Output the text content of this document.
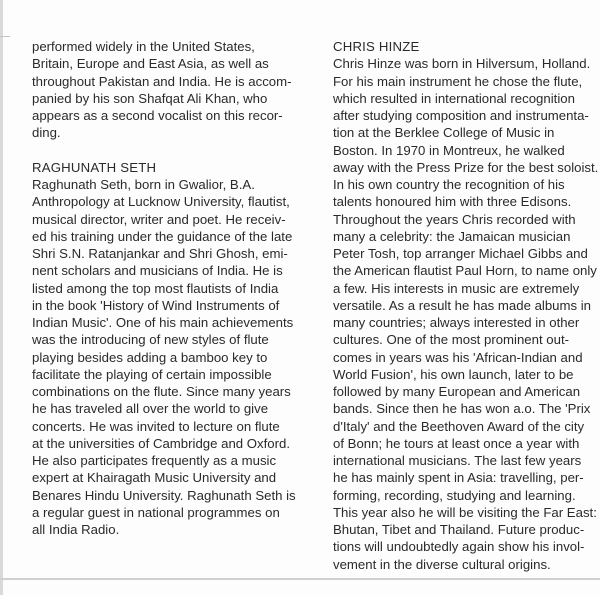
performed widely in the United States,
Britain, Europe and East Asia, as well as
throughout Pakistan and India. He is accom-
panied by his son Shafqat Ali Khan, who
appears as a second vocalist on this recor-
ding.
RAGHUNATH SETH
Raghunath Seth, born in Gwalior, B.A.
Anthropology at Lucknow University, flautist,
musical director, writer and poet. He receiv-
ed his training under the guidance of the late
Shri S.N. Ratanjankar and Shri Ghosh, emi-
nent scholars and musicians of India. He is
listed among the top most flautists of India
in the book 'History of Wind Instruments of
Indian Music'. One of his main achievements
was the introducing of new styles of flute
playing besides adding a bamboo key to
facilitate the playing of certain impossible
combinations on the flute. Since many years
he has traveled all over the world to give
concerts. He was invited to lecture on flute
at the universities of Cambridge and Oxford.
He also participates frequently as a music
expert at Khairagath Music University and
Benares Hindu University. Raghunath Seth is
a regular guest in national programmes on
all India Radio.
CHRIS HINZE
Chris Hinze was born in Hilversum, Holland.
For his main instrument he chose the flute,
which resulted in international recognition
after studying composition and instrumenta-
tion at the Berklee College of Music in
Boston. In 1970 in Montreux, he walked
away with the Press Prize for the best soloist.
In his own country the recognition of his
talents honoured him with three Edisons.
Throughout the years Chris recorded with
many a celebrity: the Jamaican musician
Peter Tosh, top arranger Michael Gibbs and
the American flautist Paul Horn, to name only
a few. His interests in music are extremely
versatile. As a result he has made albums in
many countries; always interested in other
cultures. One of the most prominent out-
comes in years was his 'African-Indian and
World Fusion', his own launch, later to be
followed by many European and American
bands. Since then he has won a.o. The 'Prix
d'Italy' and the Beethoven Award of the city
of Bonn; he tours at least once a year with
international musicians. The last few years
he has mainly spent in Asia: travelling, per-
forming, recording, studying and learning.
This year also he will be visiting the Far East:
Bhutan, Tibet and Thailand. Future produc-
tions will undoubtedly again show his invol-
vement in the diverse cultural origins.
